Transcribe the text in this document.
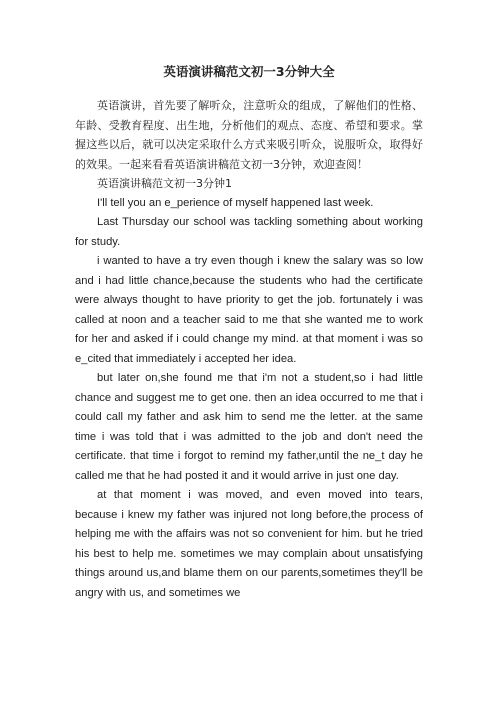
英语演讲稿范文初一3分钟大全

英语演讲，首先要了解听众，注意听众的组成，了解他们的性格、年龄、受教育程度、出生地，分析他们的观点、态度、希望和要求。掌握这些以后，就可以决定采取什么方式来吸引听众，说服听众，取得好的效果。一起来看看英语演讲稿范文初一3分钟，欢迎查阅！

英语演讲稿范文初一3分钟1

I'll tell you an e_perience of myself happened last week.

Last Thursday our school was tackling something about working for study.

i wanted to have a try even though i knew the salary was so low and i had little chance,because the students who had the certificate were always thought to have priority to get the job. fortunately i was called at noon and a teacher said to me that she wanted me to work for her and asked if i could change my mind. at that moment i was so e_cited that immediately i accepted her idea.

but later on,she found me that i'm not a student,so i had little chance and suggest me to get one. then an idea occurred to me that i could call my father and ask him to send me the letter. at the same time i was told that i was admitted to the job and don't need the certificate. that time i forgot to remind my father,until the ne_t day he called me that he had posted it and it would arrive in just one day.

at that moment i was moved, and even moved into tears, because i knew my father was injured not long before,the process of helping me with the affairs was not so convenient for him. but he tried his best to help me. sometimes we may complain about unsatisfying things around us,and blame them on our parents,sometimes they'll be angry with us, and sometimes we
